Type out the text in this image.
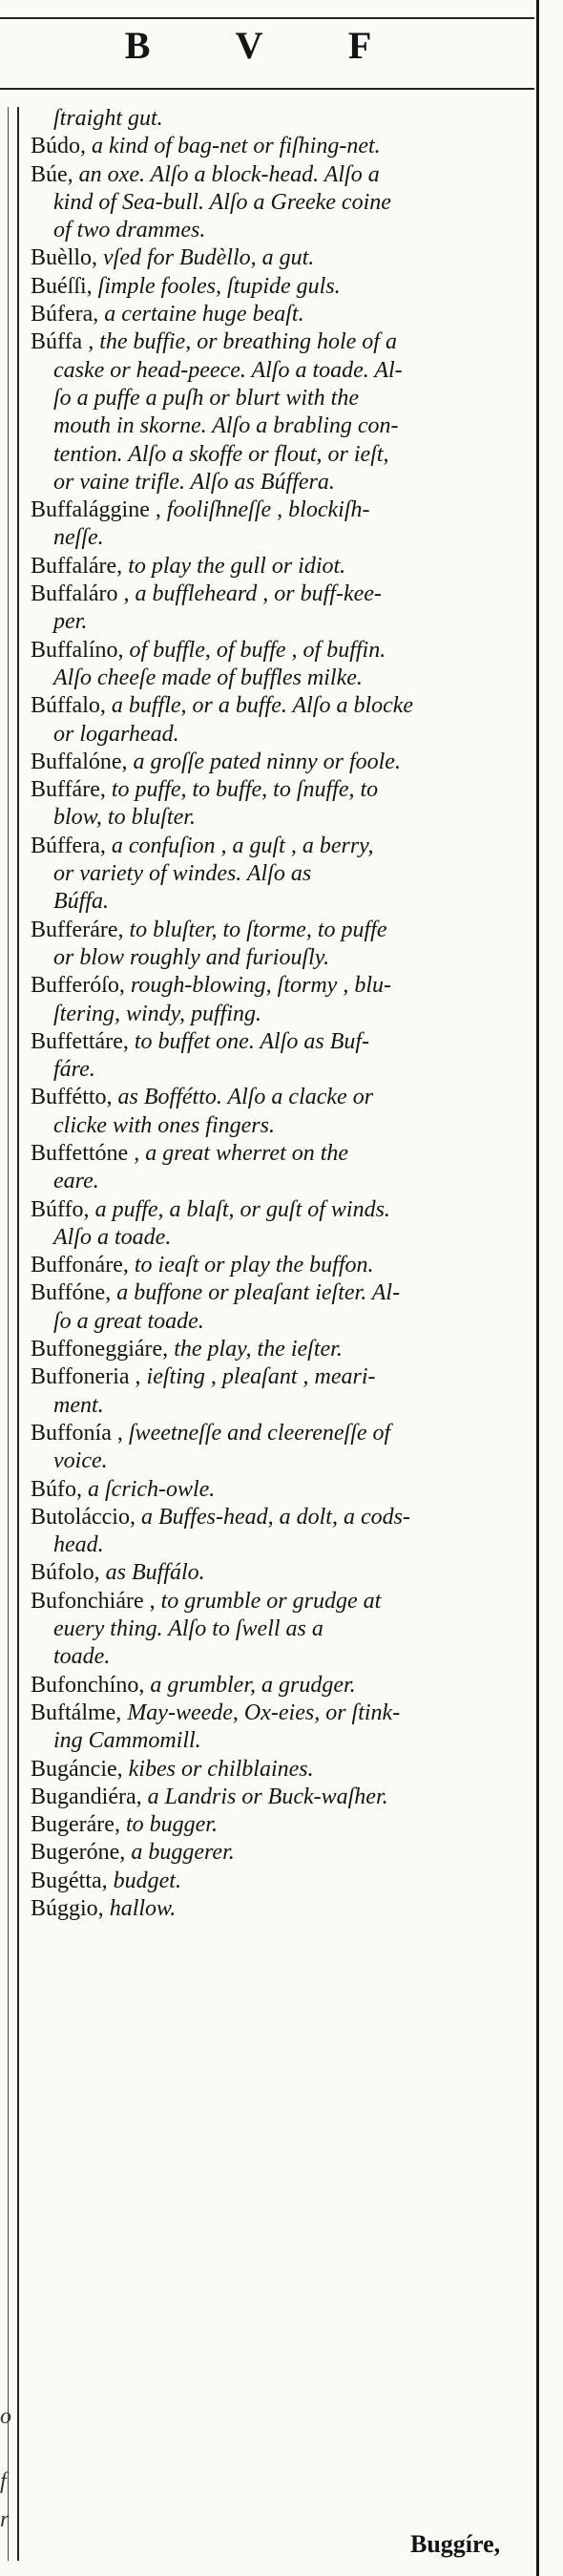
B V F
ſtraight gut.
Búdo, a kind of bag-net or fiſhing-net.
Búe, an oxe. Alſo a block-head. Alſo a
kind of Sea-bull. Alſo a Greeke coine
of two drammes.
Buèllo, vſed for Budèllo, a gut.
Buéſſi, ſimple fooles, ſtupide guls.
Búfera, a certaine huge beaſt.
Búffa , the buffie, or breathing hole of a
caske or head-peece. Alſo a toade. Al-
ſo a puffe a puſh or blurt with the
mouth in skorne. Alſo a brabling con-
tention. Alſo a skoffe or flout, or ieſt,
or vaine trifle. Alſo as Búffera.
Buffalággine , fooliſhneſſe , blockiſh-
neſſe.
Buffaláre, to play the gull or idiot.
Buffaláro , a buffleheard , or buff-kee-
per.
Buffalíno, of buffle, of buffe , of buffin.
Alſo cheeſe made of buffles milke.
Búffalo, a buffle, or a buffe. Alſo a blocke
or logarhead.
Buffalóne, a groſſe pated ninny or foole.
Buffáre, to puffe, to buffe, to ſnuffe, to
blow, to bluſter.
Búffera, a confuſion , a guſt , a berry,
or variety of windes. Alſo as
Búffa.
Bufferáre, to bluſter, to ſtorme, to puffe
or blow roughly and furiouſly.
Bufferóſo, rough-blowing, ſtormy , blu-
ſtering, windy, puffing.
Buffettáre, to buffet one. Alſo as Buf-
fáre.
Buffétto, as Boffétto. Alſo a clacke or
clicke with ones fingers.
Buffettóne , a great wherret on the
eare.
Búffo, a puffe, a blaſt, or guſt of winds.
Alſo a toade.
Buffonáre, to ieaſt or play the buffon.
Buffóne, a buffone or pleaſant ieſter. Al-
ſo a great toade.
Buffoneggiáre, the play, the ieſter.
Buffoneria , ieſting , pleaſant , meari-
ment.
Buffonía , ſweetneſſe and cleereneſſe of
voice.
Búfo, a ſcrich-owle.
Butoláccio, a Buffes-head, a dolt, a cods-
head.
Búfolo, as Buffálo.
Bufonchiáre , to grumble or grudge at
euery thing. Alſo to ſwell as a
toade.
Bufonchíno, a grumbler, a grudger.
Buftálme, May-weede, Ox-eies, or ſtink-
ing Cammomill.
Bugáncie, kibes or chilblaines.
Bugandiéra, a Landris or Buck-waſher.
Bugeráre, to bugger.
Bugeróne, a buggerer.
Bugétta, budget.
Búggio, hallow.
o
f
r
Buggíre,
